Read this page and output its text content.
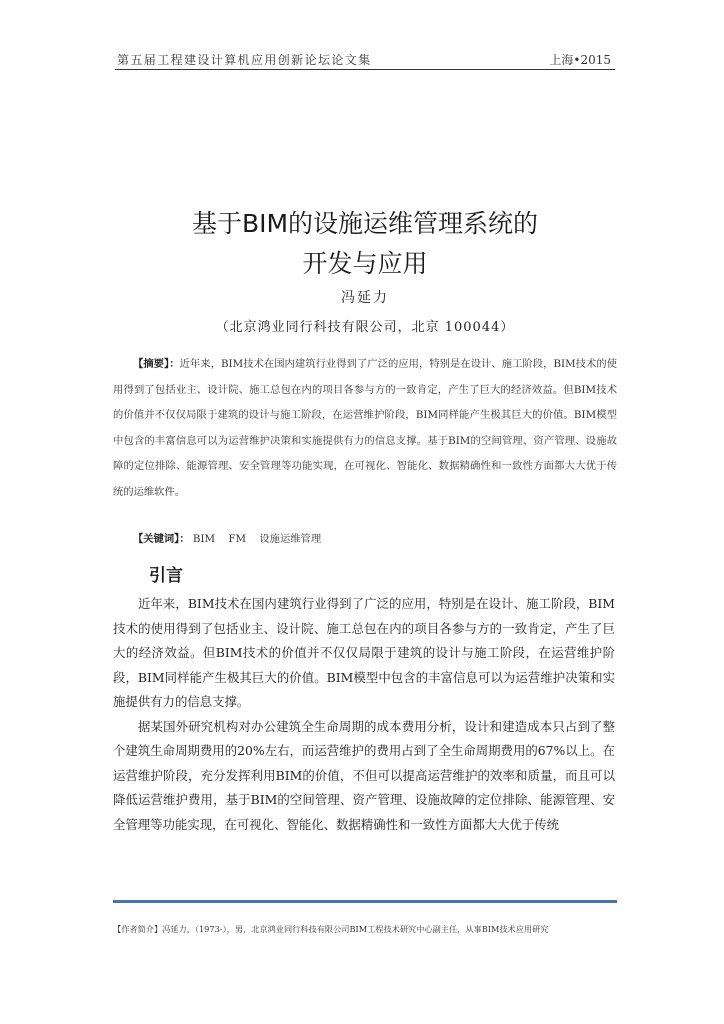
第五届工程建设计算机应用创新论坛论文集	上海•2015
基于BIM的设施运维管理系统的
开发与应用
冯延力
（北京鸿业同行科技有限公司，北京 100044）

【摘要】：近年来，BIM技术在国内建筑行业得到了广泛的应用，特别是在设计、施工阶段，BIM技术的使用得到了包括业主、设计院、施工总包在内的项目各参与方的一致肯定，产生了巨大的经济效益。但BIM技术的价值并不仅仅局限于建筑的设计与施工阶段，在运营维护阶段，BIM同样能产生极其巨大的价值。BIM模型中包含的丰富信息可以为运营维护决策和实施提供有力的信息支撑。基于BIM的空间管理、资产管理、设施故障的定位排除、能源管理、安全管理等功能实现，在可视化、智能化、数据精确性和一致性方面都大大优于传统的运维软件。

【关键词】： BIM FM 设施运维管理
引言

近年来，BIM技术在国内建筑行业得到了广泛的应用，特别是在设计、施工阶段，BIM技术的使用得到了包括业主、设计院、施工总包在内的项目各参与方的一致肯定，产生了巨大的经济效益。但BIM技术的价值并不仅仅局限于建筑的设计与施工阶段，在运营维护阶段，BIM同样能产生极其巨大的价值。BIM模型中包含的丰富信息可以为运营维护决策和实施提供有力的信息支撑。

据某国外研究机构对办公建筑全生命周期的成本费用分析，设计和建造成本只占到了整个建筑生命周期费用的20%左右，而运营维护的费用占到了全生命周期费用的67%以上。在运营维护阶段，充分发挥利用BIM的价值，不但可以提高运营维护的效率和质量，而且可以降低运营维护费用，基于BIM的空间管理、资产管理、设施故障的定位排除、能源管理、安全管理等功能实现，在可视化、智能化、数据精确性和一致性方面都大大优于传统

【作者简介】冯延力，（1973-），男，北京鸿业同行科技有限公司BIM工程技术研究中心副主任，从事BIM技术应用研究
